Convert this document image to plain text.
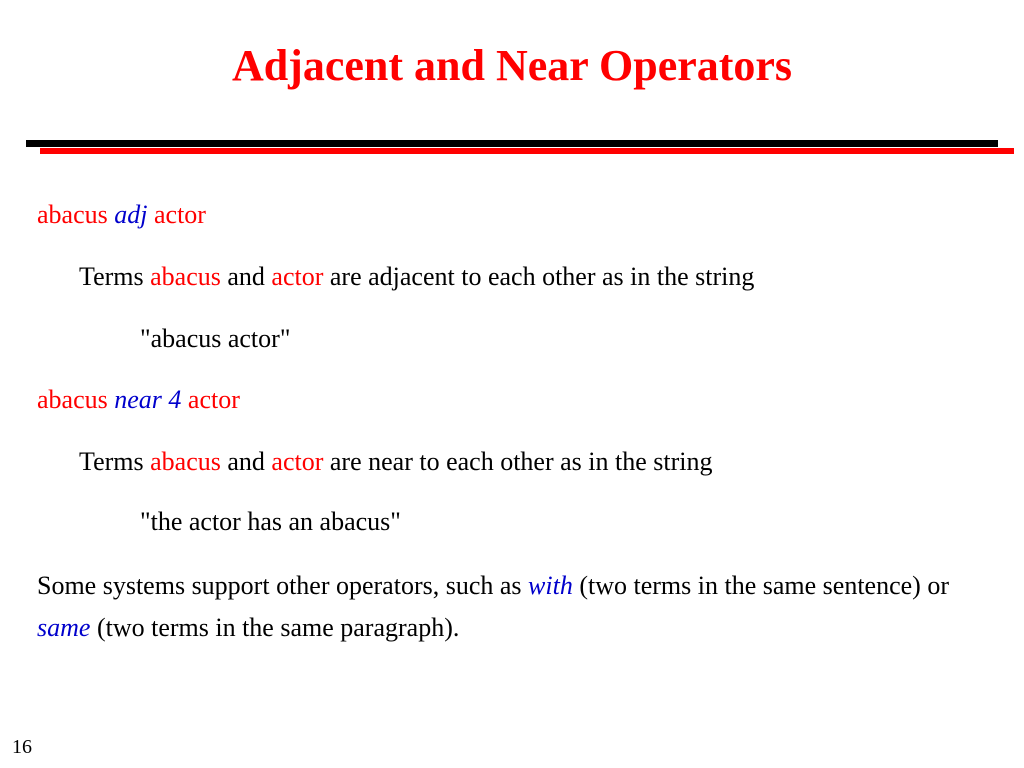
Adjacent and Near Operators
abacus adj actor
Terms abacus and actor are adjacent to each other as in the string
"abacus actor"
abacus near 4 actor
Terms abacus and actor are near to each other as in the string
"the actor has an abacus"
Some systems support other operators, such as with (two terms in the same sentence) or same (two terms in the same paragraph).
16
